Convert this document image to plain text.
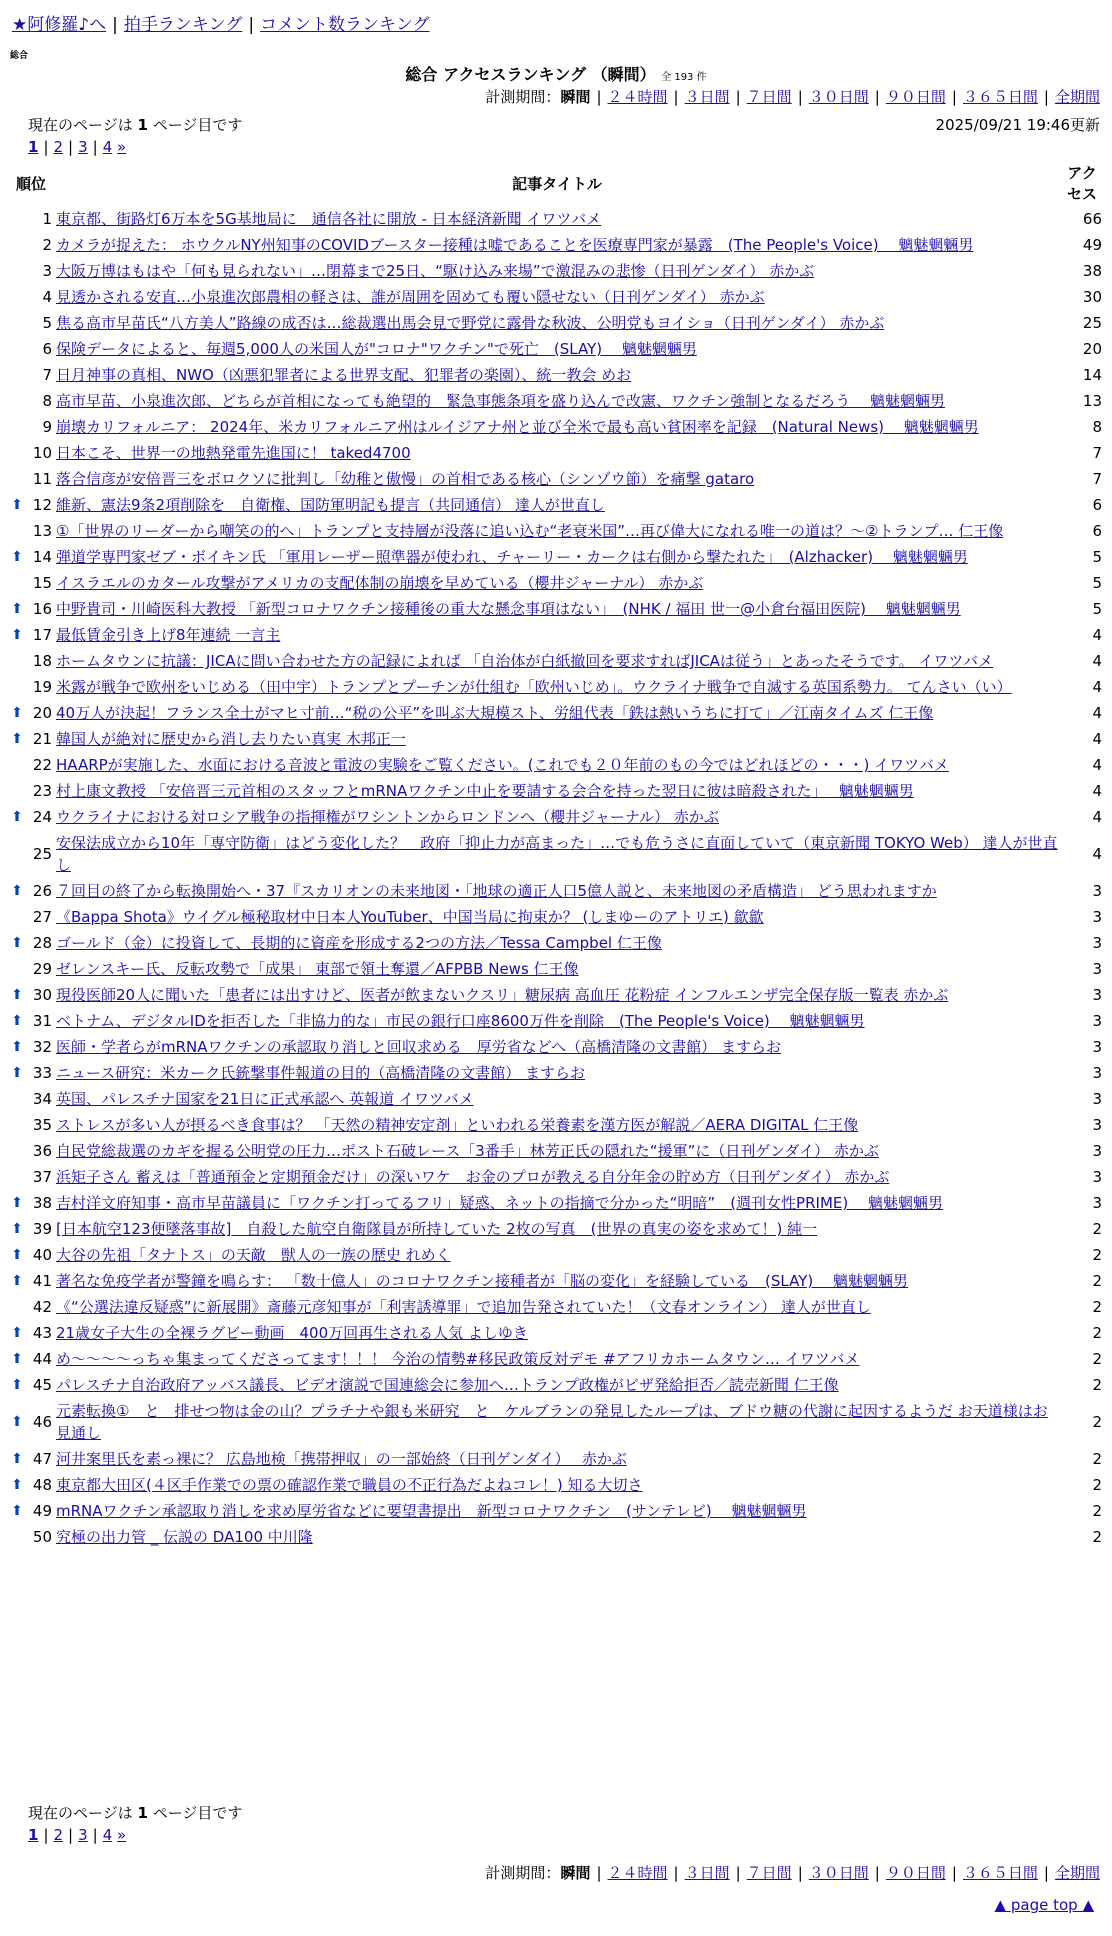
★阿修羅♪へ | 拍手ランキング | コメント数ランキング
総合
総合 アクセスランキング （瞬間） 全 193 件
計測期間：瞬間 | ２４時間 | ３日間 | ７日間 | ３０日間 | ９０日間 | ３６５日間 | 全期間
現在のページは 1 ページ目です	2025/09/21 19:46更新
1 | 2 | 3 | 4 »
順位		記事タイトル	アクセス
	1	東京都、街路灯6万本を5G基地局に　通信各社に開放 - 日本経済新聞 イワツバメ	66
	2	カメラが捉えた： ホウクルNY州知事のCOVIDブースター接種は嘘であることを医療専門家が暴露　(The People's Voice)　 魑魅魍魎男	49
	3	大阪万博はもはや「何も見られない」…閉幕まで25日、“駆け込み来場”で激混みの悲惨（日刊ゲンダイ） 赤かぶ	38
	4	見透かされる安直…小泉進次郎農相の軽さは、誰が周囲を固めても覆い隠せない（日刊ゲンダイ） 赤かぶ	30
	5	焦る高市早苗氏“八方美人”路線の成否は…総裁選出馬会見で野党に露骨な秋波、公明党もヨイショ（日刊ゲンダイ） 赤かぶ	25
	6	保険データによると、毎週5,000人の米国人が"コロナ"ワクチン"で死亡　(SLAY)　 魑魅魍魎男	20
	7	日月神事の真相、NWO（凶悪犯罪者による世界支配、犯罪者の楽園）、統一教会 めお	14
	8	高市早苗、小泉進次郎、どちらが首相になっても絶望的　緊急事態条項を盛り込んで改憲、ワクチン強制となるだろう　 魑魅魍魎男	13
	9	崩壊カリフォルニア： 2024年、米カリフォルニア州はルイジアナ州と並び全米で最も高い貧困率を記録　(Natural News)　 魑魅魍魎男	8
	10	日本こそ、世界一の地熱発電先進国に！ taked4700	7
	11	落合信彦が安倍晋三をボロクソに批判し「幼稚と傲慢」の首相である核心（シンゾウ節）を痛撃 gataro	7
⬆	12	維新、憲法9条2項削除を　自衛権、国防軍明記も提言（共同通信） 達人が世直し	6
	13	①「世界のリーダーから嘲笑の的へ」トランプと支持層が没落に追い込む“老衰米国”…再び偉大になれる唯一の道は？～②トランプ… 仁王像	6
⬆	14	弾道学専門家ゼブ・ボイキン氏 「軍用レーザー照準器が使われ、チャーリー・カークは右側から撃たれた」　(Alzhacker)　 魑魅魍魎男	5
	15	イスラエルのカタール攻撃がアメリカの支配体制の崩壊を早めている（櫻井ジャーナル） 赤かぶ	5
⬆	16	中野貴司・川崎医科大教授 「新型コロナワクチン接種後の重大な懸念事項はない」　(NHK / 福田 世一@小倉台福田医院)　 魑魅魍魎男	5
⬆	17	最低賃金引き上げ8年連続 一言主	4
	18	ホームタウンに抗議：JICAに問い合わせた方の記録によれば 「自治体が白紙撤回を要求すればJICAは従う」とあったそうです。 イワツバメ	4
	19	米露が戦争で欧州をいじめる（田中宇）トランプとプーチンが仕組む「欧州いじめ」。ウクライナ戦争で自滅する英国系勢力。 てんさい（い）	4
⬆	20	40万人が決起！フランス全土がマヒ寸前…“税の公平”を叫ぶ大規模スト、労組代表「鉄は熱いうちに打て」／江南タイムズ 仁王像	4
⬆	21	韓国人が絶対に歴史から消し去りたい真実 木邦正一	4
	22	HAARPが実施した、水面における音波と電波の実験をご覧ください。(これでも２０年前のもの今ではどれほどの・・・) イワツバメ	4
	23	村上康文教授 「安倍晋三元首相のスタッフとmRNAワクチン中止を要請する会合を持った翌日に彼は暗殺された」　 魑魅魍魎男	4
⬆	24	ウクライナにおける対ロシア戦争の指揮権がワシントンからロンドンへ（櫻井ジャーナル） 赤かぶ	4
	25	安保法成立から10年「専守防衛」はどう変化した？　政府「抑止力が高まった」…でも危うさに直面していて（東京新聞 TOKYO Web） 達人が世直し	4
⬆	26	７回目の終了から転換開始へ・37『スカリオンの未来地図・「地球の適正人口5億人説と、未来地図の矛盾構造」 どう思われますか	3
	27	《Bappa Shota》ウイグル極秘取材中日本人YouTuber、中国当局に拘束か？ (しまゆーのアトリエ) 歙歙	3
⬆	28	ゴールド（金）に投資して、長期的に資産を形成する2つの方法／Tessa Campbel 仁王像	3
	29	ゼレンスキー氏、反転攻勢で「成果」 東部で領土奪還／AFPBB News 仁王像	3
⬆	30	現役医師20人に聞いた「患者には出すけど、医者が飲まないクスリ」糖尿病 高血圧 花粉症 インフルエンザ完全保存版一覧表 赤かぶ	3
⬆	31	ベトナム、デジタルIDを拒否した「非協力的な」市民の銀行口座8600万件を削除　(The People's Voice)　 魑魅魍魎男	3
⬆	32	医師・学者らがmRNAワクチンの承認取り消しと回収求める　厚労省などへ（高橋清隆の文書館） ますらお	3
⬆	33	ニュース研究：米カーク氏銃撃事件報道の目的（高橋清隆の文書館） ますらお	3
	34	英国、パレスチナ国家を21日に正式承認へ 英報道 イワツバメ	3
	35	ストレスが多い人が摂るべき食事は？ 「天然の精神安定剤」といわれる栄養素を漢方医が解説／AERA DIGITAL 仁王像	3
	36	自民党総裁選のカギを握る公明党の圧力…ポスト石破レース「3番手」林芳正氏の隠れた“援軍”に（日刊ゲンダイ） 赤かぶ	3
	37	浜矩子さん 蓄えは「普通預金と定期預金だけ」の深いワケ　お金のプロが教える自分年金の貯め方（日刊ゲンダイ） 赤かぶ	3
⬆	38	吉村洋文府知事・高市早苗議員に「ワクチン打ってるフリ」疑惑、ネットの指摘で分かった“明暗”　(週刊女性PRIME)　 魑魅魍魎男	3
⬆	39	[日本航空123便墜落事故]　自殺した航空自衛隊員が所持していた 2枚の写真　(世界の真実の姿を求めて！) 純一	2
⬆	40	大谷の先祖「タナトス」の天敵　獣人の一族の歴史 れめく	2
⬆	41	著名な免疫学者が警鐘を鳴らす： 「数十億人」のコロナワクチン接種者が「脳の変化」を経験している　(SLAY)　 魑魅魍魎男	2
	42	《“公選法違反疑惑”に新展開》斎藤元彦知事が「利害誘導罪」で追加告発されていた！（文春オンライン） 達人が世直し	2
⬆	43	21歳女子大生の全裸ラグビー動画　400万回再生される人気 よしゆき	2
⬆	44	め～～～～っちゃ集まってくださってます！！！ 今治の情勢#移民政策反対デモ #アフリカホームタウン… イワツバメ	2
⬆	45	パレスチナ自治政府アッバス議長、ビデオ演説で国連総会に参加へ…トランプ政権がビザ発給拒否／読売新聞 仁王像	2
⬆	46	元素転換①　と　排せつ物は金の山？プラチナや銀も米研究　と　ケルブランの発見したループは、ブドウ糖の代謝に起因するようだ お天道様はお見通し	2
⬆	47	河井案里氏を素っ裸に？ 広島地検「携帯押収」の一部始終（日刊ゲンダイ）　 赤かぶ	2
⬆	48	東京都大田区(４区手作業での票の確認作業で職員の不正行為だよねコレ！) 知る大切さ	2
⬆	49	mRNAワクチン承認取り消しを求め厚労省などに要望書提出　新型コロナワクチン　(サンテレビ)　 魑魅魍魎男	2
	50	究極の出力管 _ 伝説の DA100 中川隆	2
現在のページは 1 ページ目です
1 | 2 | 3 | 4 »
計測期間：瞬間 | ２４時間 | ３日間 | ７日間 | ３０日間 | ９０日間 | ３６５日間 | 全期間
▲ page top ▲
